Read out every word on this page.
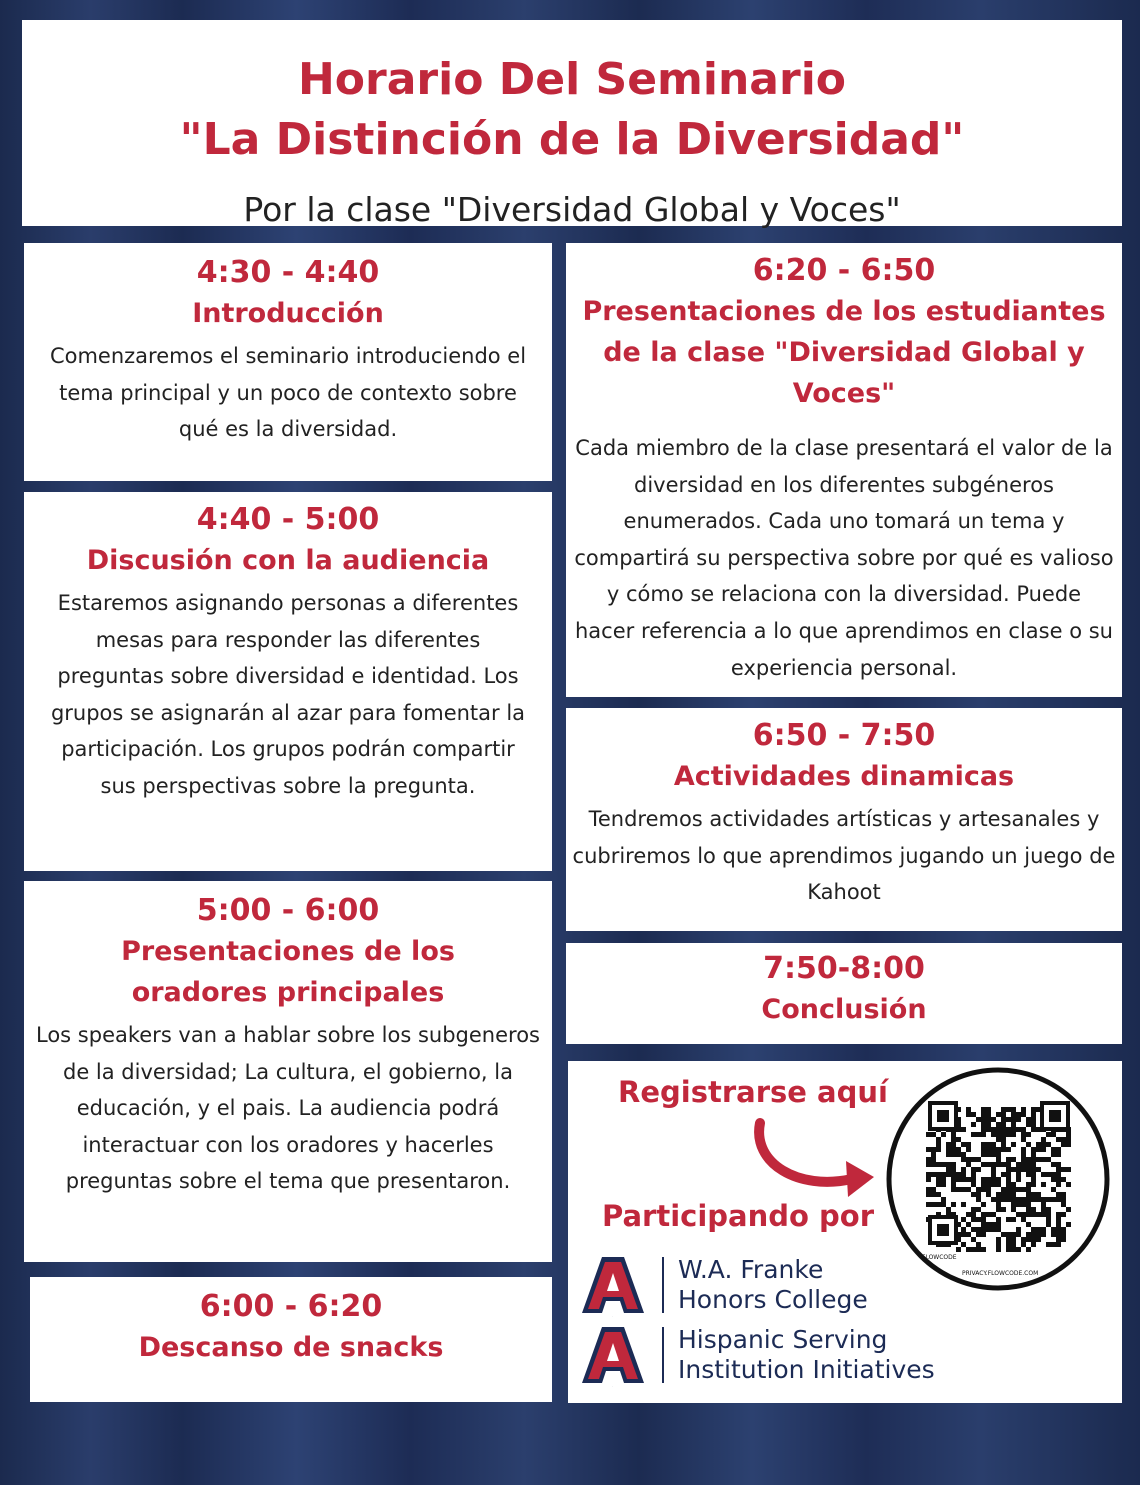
Horario Del Seminario
"La Distinción de la Diversidad"
Por la clase "Diversidad Global y Voces"
4:30 - 4:40
Introducción
Comenzaremos el seminario introduciendo el tema principal y un poco de contexto sobre qué es la diversidad.
4:40 - 5:00
Discusión con la audiencia
Estaremos asignando personas a diferentes mesas para responder las diferentes preguntas sobre diversidad e identidad. Los grupos se asignarán al azar para fomentar la participación. Los grupos podrán compartir sus perspectivas sobre la pregunta.
5:00 - 6:00
Presentaciones de los oradores principales
Los speakers van a hablar sobre los subgeneros de la diversidad; La cultura, el gobierno, la educación, y el pais. La audiencia podrá interactuar con los oradores y hacerles preguntas sobre el tema que presentaron.
6:00 - 6:20
Descanso de snacks
6:20 - 6:50
Presentaciones de los estudiantes de la clase "Diversidad Global y Voces"
Cada miembro de la clase presentará el valor de la diversidad en los diferentes subgéneros enumerados. Cada uno tomará un tema y compartirá su perspectiva sobre por qué es valioso y cómo se relaciona con la diversidad. Puede hacer referencia a lo que aprendimos en clase o su experiencia personal.
6:50 - 7:50
Actividades dinamicas
Tendremos actividades artísticas y artesanales y cubriremos lo que aprendimos jugando un juego de Kahoot
7:50-8:00
Conclusión
Registrarse aquí
Participando por
FLOWCODE
PRIVACY.FLOWCODE.COM
A
W.A. Franke
Honors College
A
Hispanic Serving
Institution Initiatives
